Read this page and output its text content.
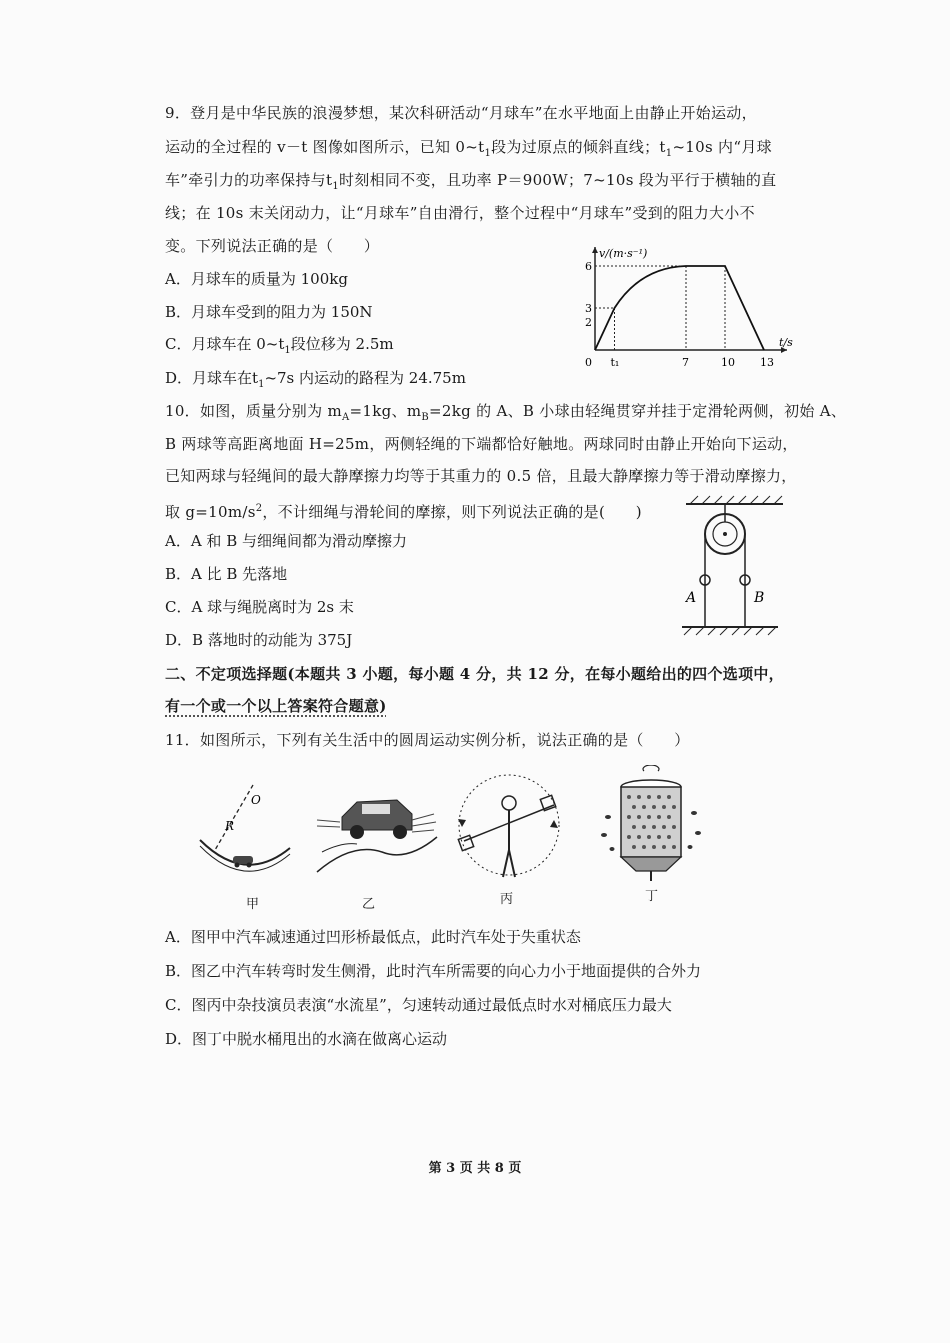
9．登月是中华民族的浪漫梦想，某次科研活动“月球车”在水平地面上由静止开始运动，
运动的全过程的 v－t 图像如图所示，已知 $0\sim t_1$段为过原点的倾斜直线；$t_1\sim 10s$ 内“月球
车”牵引力的功率保持与$t_1$时刻相同不变，且功率 P＝900W；7~10s 段为平行于横轴的直
线；在 10s 末关闭动力，让“月球车”自由滑行，整个过程中“月球车”受到的阻力大小不
变。下列说法正确的是（　　）
A．月球车的质量为 100kg
B．月球车受到的阻力为 150N
C．月球车在 $0\sim t_1$段位移为 2.5m
D．月球车在$t_1\sim 7s$ 内运动的路程为 24.75m
v/(m·s⁻¹)
t/s
0 t₁	7	10 13
2
3
6
10．如图，质量分别为 $m_A=1kg$、$m_B=2kg$ 的 A、B 小球由轻绳贯穿并挂于定滑轮两侧，初始 A、
B 两球等高距离地面 H=25m，两侧轻绳的下端都恰好触地。两球同时由静止开始向下运动，
已知两球与轻绳间的最大静摩擦力均等于其重力的 0.5 倍，且最大静摩擦力等于滑动摩擦力，
取 $g=10m/s^2$，不计细绳与滑轮间的摩擦，则下列说法正确的是(　　)
A．A 和 B 与细绳间都为滑动摩擦力
B．A 比 B 先落地
C．A 球与绳脱离时为 2s 末
D．B 落地时的动能为 375J
A	B
二、不定项选择题(本题共 3 小题，每小题 4 分，共 12 分，在每小题给出的四个选项中，
有一个或一个以上答案符合题意)
11．如图所示，下列有关生活中的圆周运动实例分析，说法正确的是（　　）
O
R
甲	乙	丙	丁
A．图甲中汽车减速通过凹形桥最低点，此时汽车处于失重状态
B．图乙中汽车转弯时发生侧滑，此时汽车所需要的向心力小于地面提供的合外力
C．图丙中杂技演员表演“水流星”，匀速转动通过最低点时水对桶底压力最大
D．图丁中脱水桶甩出的水滴在做离心运动
第 3 页 共 8 页
